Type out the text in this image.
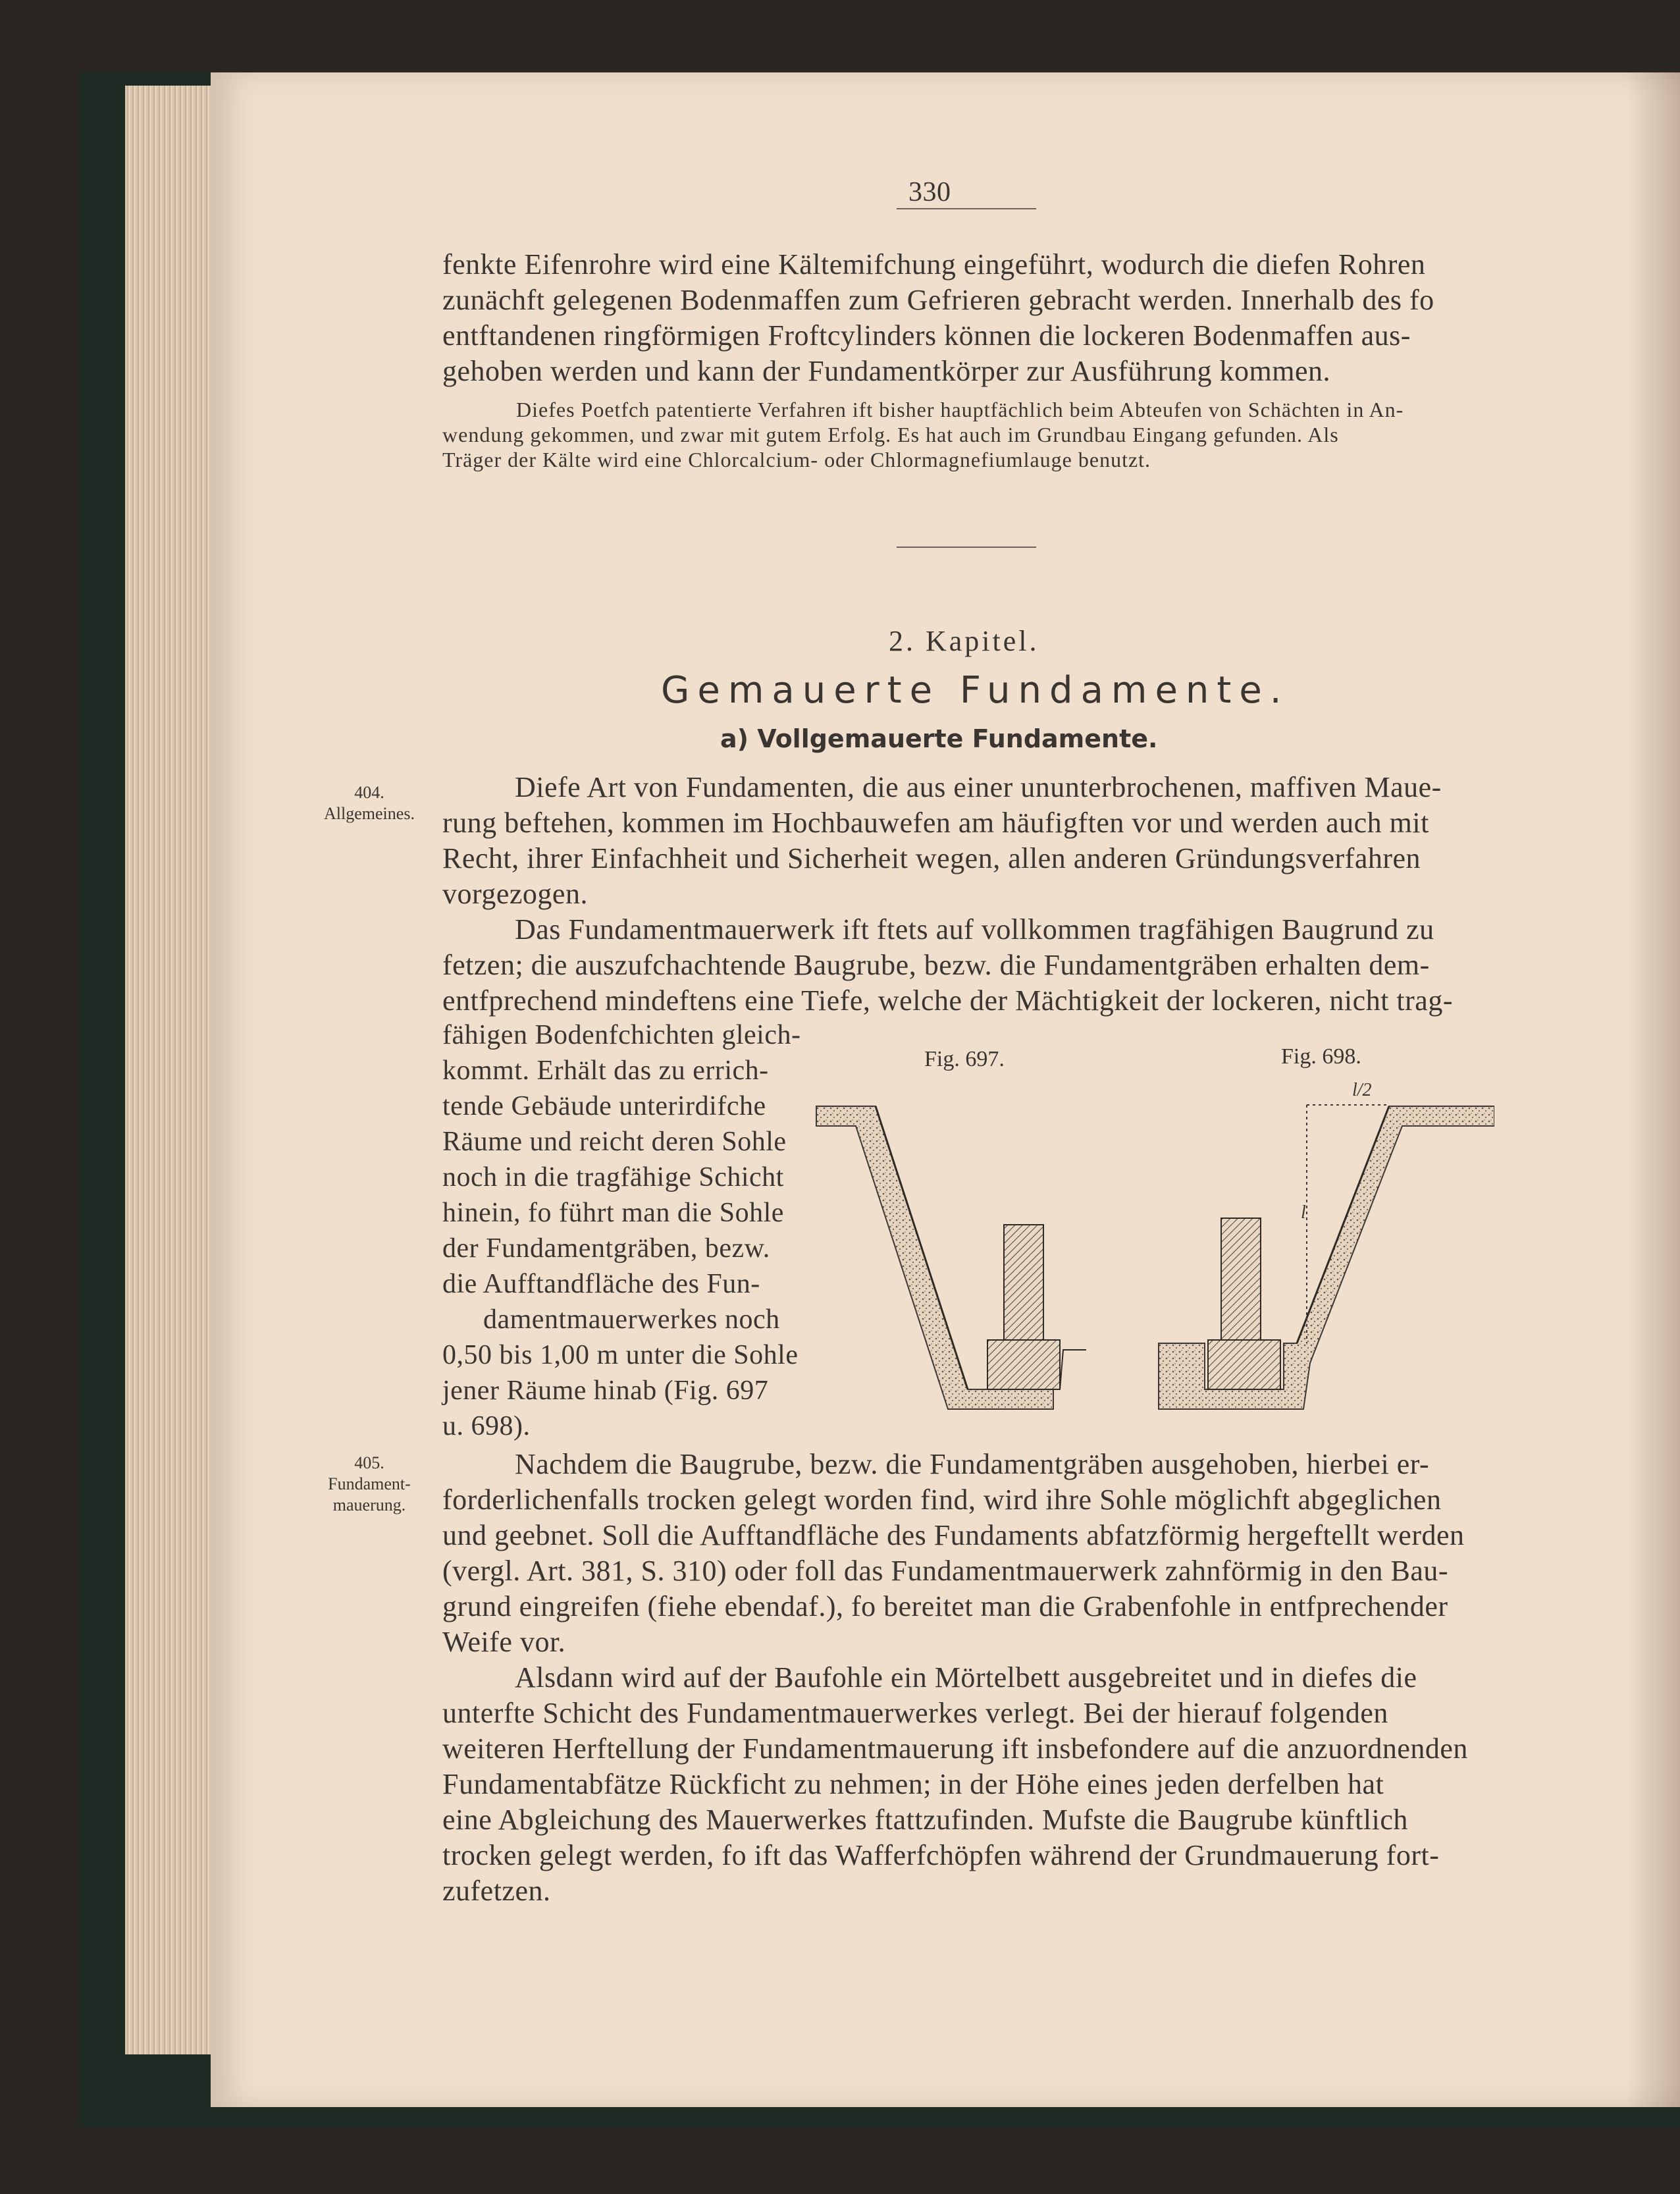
330
fenkte Eifenrohre wird eine Kältemifchung eingeführt, wodurch die diefen Rohren
zunächft gelegenen Bodenmaffen zum Gefrieren gebracht werden. Innerhalb des fo
entftandenen ringförmigen Froftcylinders können die lockeren Bodenmaffen aus-
gehoben werden und kann der Fundamentkörper zur Ausführung kommen.
Diefes Poetfch patentierte Verfahren ift bisher hauptfächlich beim Abteufen von Schächten in An-
wendung gekommen, und zwar mit gutem Erfolg. Es hat auch im Grundbau Eingang gefunden. Als
Träger der Kälte wird eine Chlorcalcium- oder Chlormagnefiumlauge benutzt.
2. Kapitel.
Gemauerte Fundamente.
a) Vollgemauerte Fundamente.
404.
Allgemeines.
405.
Fundament-
mauerung.
Diefe Art von Fundamenten, die aus einer ununterbrochenen, maffiven Maue-
rung beftehen, kommen im Hochbauwefen am häufigften vor und werden auch mit
Recht, ihrer Einfachheit und Sicherheit wegen, allen anderen Gründungsverfahren
vorgezogen.
Das Fundamentmauerwerk ift ftets auf vollkommen tragfähigen Baugrund zu
fetzen; die auszufchachtende Baugrube, bezw. die Fundamentgräben erhalten dem-
entfprechend mindeftens eine Tiefe, welche der Mächtigkeit der lockeren, nicht trag-
fähigen Bodenfchichten gleich-
kommt. Erhält das zu errich-
tende Gebäude unterirdifche
Räume und reicht deren Sohle
noch in die tragfähige Schicht
hinein, fo führt man die Sohle
der Fundamentgräben, bezw.
die Aufftandfläche des Fun-
damentmauerwerkes noch
0,50 bis 1,00 m unter die Sohle
jener Räume hinab (Fig. 697
u. 698).
Fig. 697.	Fig. 698.
l/2
l
Nachdem die Baugrube, bezw. die Fundamentgräben ausgehoben, hierbei er-
forderlichenfalls trocken gelegt worden find, wird ihre Sohle möglichft abgeglichen
und geebnet. Soll die Aufftandfläche des Fundaments abfatzförmig hergeftellt werden
(vergl. Art. 381, S. 310) oder foll das Fundamentmauerwerk zahnförmig in den Bau-
grund eingreifen (fiehe ebendaf.), fo bereitet man die Grabenfohle in entfprechender
Weife vor.
Alsdann wird auf der Baufohle ein Mörtelbett ausgebreitet und in diefes die
unterfte Schicht des Fundamentmauerwerkes verlegt. Bei der hierauf folgenden
weiteren Herftellung der Fundamentmauerung ift insbefondere auf die anzuordnenden
Fundamentabfätze Rückficht zu nehmen; in der Höhe eines jeden derfelben hat
eine Abgleichung des Mauerwerkes ftattzufinden. Mufste die Baugrube künftlich
trocken gelegt werden, fo ift das Wafferfchöpfen während der Grundmauerung fort-
zufetzen.
